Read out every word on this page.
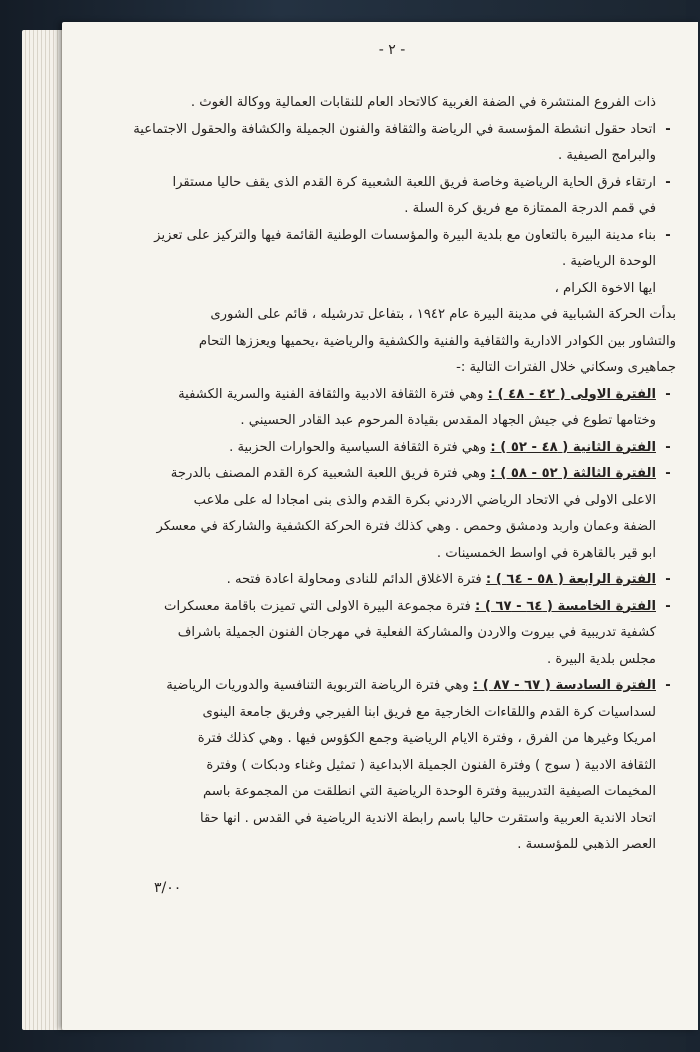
- ٢ -
ذات الفروع المنتشرة في الضفة الغربية كالاتحاد العام للنقابات العمالية ووكالة الغوث .
-اتحاد حقول انشطة المؤسسة في الرياضة والثقافة والفنون الجميلة والكشافة والحقول الاجتماعية
والبرامج الصيفية .
-ارتقاء فرق الحاية الرياضية وخاصة فريق اللعبة الشعبية كرة القدم الذى يقف حاليا مستقرا
في قمم الدرجة الممتازة مع فريق كرة السلة .
-بناء مدينة البيرة بالتعاون مع بلدية البيرة والمؤسسات الوطنية القائمة فيها والتركيز على تعزيز
الوحدة الرياضية .
ايها الاخوة الكرام ،
بدأت الحركة الشبابية في مدينة البيرة عام ١٩٤٢ ، بتفاعل تدرشيله ، قائم على الشورى
والتشاور بين الكوادر الادارية والثقافية والفنية والكشفية والرياضية ،يحميها ويعززها التحام
جماهيرى وسكاني خلال الفترات التالية :-
-الفترة الاولى ( ٤٢ - ٤٨ ) : وهي فترة الثقافة الادبية والثقافة الفنية والسرية الكشفية
وختامها تطوع في جيش الجهاد المقدس بقيادة المرحوم عبد القادر الحسيني .
-الفترة الثانية ( ٤٨ - ٥٢ ) : وهي فترة الثقافة السياسية والحوارات الحزبية .
-الفترة الثالثة ( ٥٢ - ٥٨ ) : وهي فترة فريق اللعبة الشعبية كرة القدم المصنف بالدرجة
الاعلى الاولى في الاتحاد الرياضي الاردني بكرة القدم والذى بنى امجادا له على ملاعب
الضفة وعمان واربد ودمشق وحمص . وهي كذلك فترة الحركة الكشفية والشاركة في معسكر
ابو قير بالقاهرة في اواسط الخمسينات .
-الفترة الرابعة ( ٥٨ - ٦٤ ) : فترة الاغلاق الدائم للنادى ومحاولة اعادة فتحه .
-الفترة الخامسة ( ٦٤ - ٦٧ ) : فترة مجموعة البيرة الاولى التي تميزت باقامة معسكرات
كشفية تدريبية في بيروت والاردن والمشاركة الفعلية في مهرجان الفنون الجميلة باشراف
مجلس بلدية البيرة .
-الفترة السادسة ( ٦٧ - ٨٧ ) : وهي فترة الرياضة التربوية التنافسية والدوريات الرياضية
لسداسيات كرة القدم واللقاءات الخارجية مع فريق ابنا الفيرجي وفريق جامعة الينوى
امريكا وغيرها من الفرق ، وفترة الايام الرياضية وجمع الكؤوس فيها . وهي كذلك فترة
الثقافة الادبية ( سوج ) وفترة الفنون الجميلة الابداعية ( تمثيل وغناء ودبكات ) وفترة
المخيمات الصيفية التدريبية وفترة الوحدة الرياضية التي انطلقت من المجموعة باسم
اتحاد الاندية العربية واستقرت حاليا باسم رابطة الاندية الرياضية في القدس . انها حقا
العصر الذهبي للمؤسسة .
٣/٠٠
